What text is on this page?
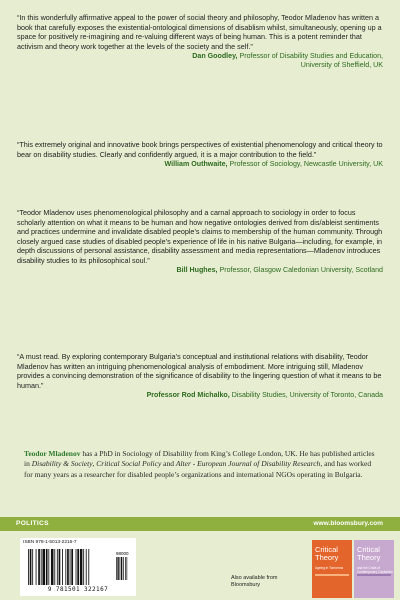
“In this wonderfully affirmative appeal to the power of social theory and philosophy, Teodor Mladenov has written a book that carefully exposes the existential-ontological dimensions of disablism whilst, simultaneously, opening up a space for positively re-imagining and re-valuing different ways of being human. This is a potent reminder that activism and theory work together at the levels of the society and the self.”
Dan Goodley, Professor of Disability Studies and Education,
University of Sheffield, UK
“This extremely original and innovative book brings perspectives of existential phenomenology and critical theory to bear on disability studies. Clearly and confidently argued, it is a major contribution to the field.”
William Outhwaite, Professor of Sociology, Newcastle University, UK
“Teodor Mladenov uses phenomenological philosophy and a carnal approach to sociology in order to focus scholarly attention on what it means to be human and how negative ontologies derived from dis/ableist sentiments and practices undermine and invalidate disabled people’s claims to membership of the human community. Through closely argued case studies of disabled people’s experience of life in his native Bulgaria—including, for example, in depth discussions of personal assistance, disability assessment and media representations—Mladenov introduces disability studies to its philosophical soul.”
Bill Hughes, Professor, Glasgow Caledonian University, Scotland
“A must read. By exploring contemporary Bulgaria’s conceptual and institutional relations with disability, Teodor Mladenov has written an intriguing phenomenological analysis of embodiment. More intriguing still, Mladenov provides a convincing demonstration of the significance of disability to the lingering question of what it means to be human.”
Professor Rod Michalko, Disability Studies, University of Toronto, Canada
Teodor Mladenov has a PhD in Sociology of Disability from King’s College London, UK. He has published articles in Disability & Society, Critical Social Policy and Alter - European Journal of Disability Research, and has worked for many years as a researcher for disabled people’s organizations and international NGOs operating in Bulgaria.
POLITICS	www.bloomsbury.com
ISBN 978-1-5013-2216-7
98000
9 781501 322167
Also available from Bloomsbury
Critical Theory
Ageing in Tomorrow
Critical Theory
and the Crisis of Contemporary Capitalism
